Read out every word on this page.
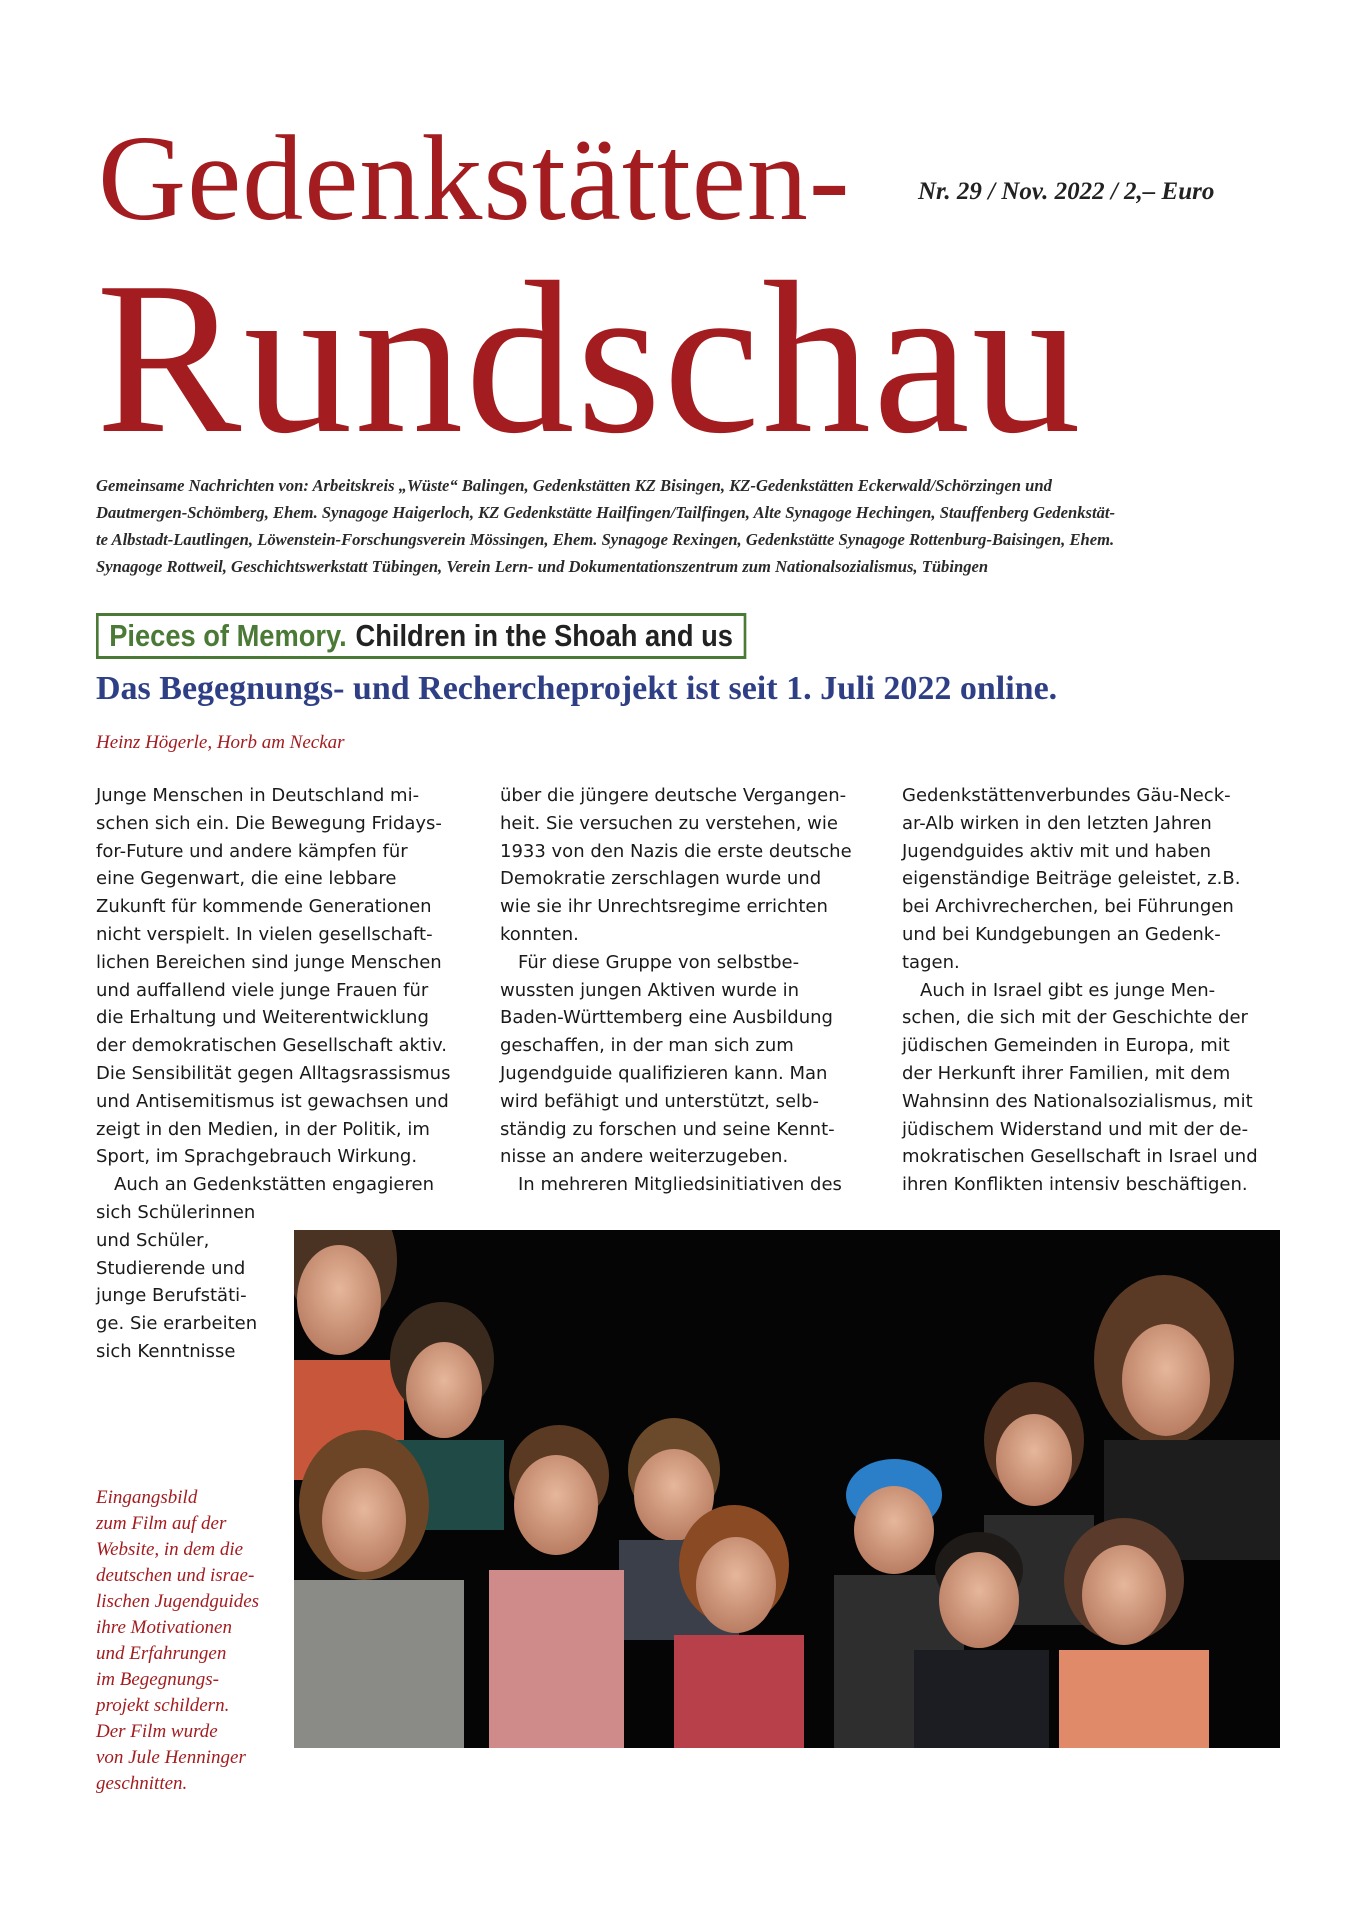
Gedenkstätten-	Nr. 29 / Nov. 2022 / 2,– Euro
Rundschau

Gemeinsame Nachrichten von: Arbeitskreis „Wüste“ Balingen, Gedenkstätten KZ Bisingen, KZ-Gedenkstätten Eckerwald/Schörzingen und
Dautmergen-Schömberg, Ehem. Synagoge Haigerloch, KZ Gedenkstätte Hailfingen/Tailfingen, Alte Synagoge Hechingen, Stauffenberg Gedenkstät-
te Albstadt-Lautlingen, Löwenstein-Forschungsverein Mössingen, Ehem. Synagoge Rexingen, Gedenkstätte Synagoge Rottenburg-Baisingen, Ehem.
Synagoge Rottweil, Geschichtswerkstatt Tübingen, Verein Lern- und Dokumentationszentrum zum Nationalsozialismus, Tübingen

Pieces of Memory. Children in the Shoah and us
Das Begegnungs- und Rechercheprojekt ist seit 1. Juli 2022 online.
Heinz Högerle, Horb am Neckar

Junge Menschen in Deutschland mi-
schen sich ein. Die Bewegung Fridays-
for-Future und andere kämpfen für
eine Gegenwart, die eine lebbare
Zukunft für kommende Generationen
nicht verspielt. In vielen gesellschaft-
lichen Bereichen sind junge Menschen
und auffallend viele junge Frauen für
die Erhaltung und Weiterentwicklung
der demokratischen Gesellschaft aktiv.
Die Sensibilität gegen Alltagsrassismus
und Antisemitismus ist gewachsen und
zeigt in den Medien, in der Politik, im
Sport, im Sprachgebrauch Wirkung.
Auch an Gedenkstätten engagieren
sich Schülerinnen
und Schüler,
Studierende und
junge Berufstäti-
ge. Sie erarbeiten
sich Kenntnisse

über die jüngere deutsche Vergangen-
heit. Sie versuchen zu verstehen, wie
1933 von den Nazis die erste deutsche
Demokratie zerschlagen wurde und
wie sie ihr Unrechtsregime errichten
konnten.
Für diese Gruppe von selbstbe-
wussten jungen Aktiven wurde in
Baden-Württemberg eine Ausbildung
geschaffen, in der man sich zum
Jugendguide qualifizieren kann. Man
wird befähigt und unterstützt, selb-
ständig zu forschen und seine Kennt-
nisse an andere weiterzugeben.
In mehreren Mitgliedsinitiativen des

Gedenkstättenverbundes Gäu-Neck-
ar-Alb wirken in den letzten Jahren
Jugendguides aktiv mit und haben
eigenständige Beiträge geleistet, z.B.
bei Archivrecherchen, bei Führungen
und bei Kundgebungen an Gedenk-
tagen.
Auch in Israel gibt es junge Men-
schen, die sich mit der Geschichte der
jüdischen Gemeinden in Europa, mit
der Herkunft ihrer Familien, mit dem
Wahnsinn des Nationalsozialismus, mit
jüdischem Widerstand und mit der de-
mokratischen Gesellschaft in Israel und
ihren Konflikten intensiv beschäftigen.

Eingangsbild
zum Film auf der
Website, in dem die
deutschen und israe-
lischen Jugendguides
ihre Motivationen
und Erfahrungen
im Begegnungs-
projekt schildern.
Der Film wurde
von Jule Henninger
geschnitten.
